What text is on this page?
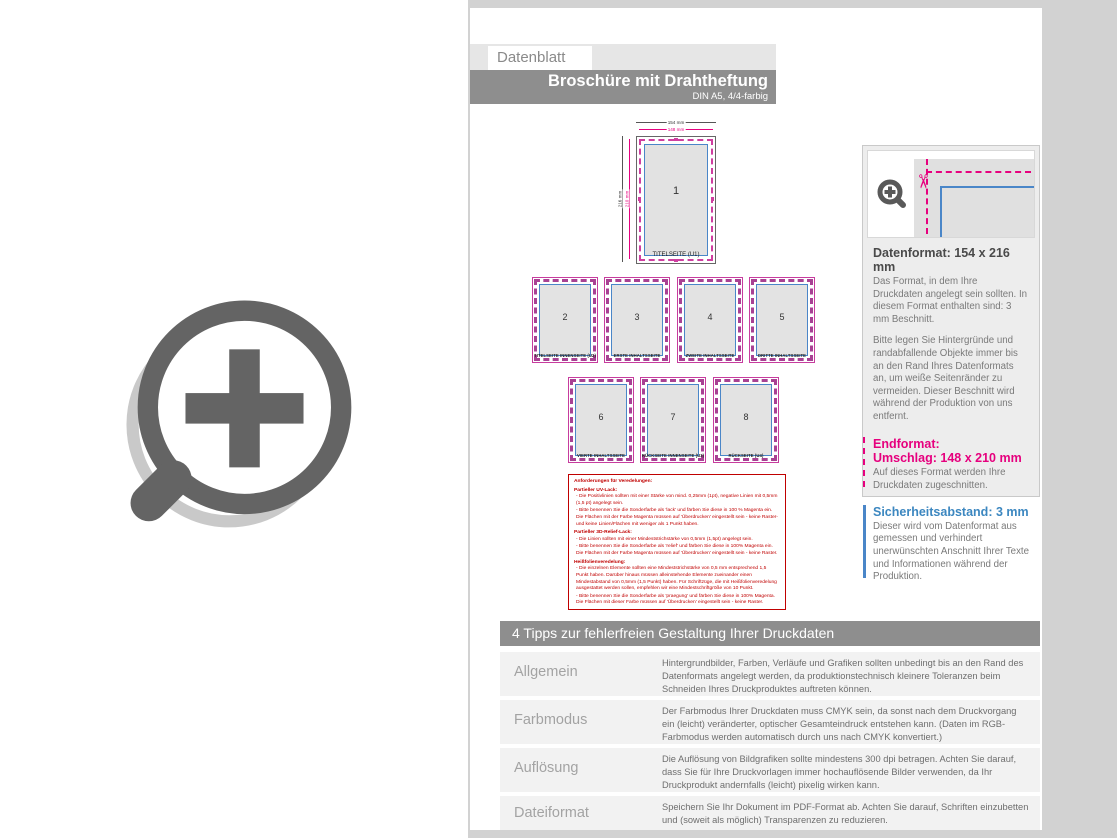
Datenblatt
Broschüre mit Drahtheftung
DIN A5, 4/4-farbig
154 mm
148 mm
216 mm 210 mm	1
TITELSEITE (U1)
2
TITELSEITE INNENSEITE (U2)
3
ERSTE INHALTSSEITE
4
ZWEITE INHALTSSEITE
5
DRITTE INHALTSSEITE
6
VIERTE INHALTSSEITE
7
RÜCKSEITE INNENSEITE (U3)
8
RÜCKSEITE (U4)
Anforderungen für Veredelungen:
Partieller UV-Lack:
- Die Positivlinien sollten mit einer Stärke von mind. 0,25mm (1pt), negative Linien mit 0,5mm (1,5 pt) angelegt sein.
- Bitte benennen Sie die Sonderfarbe als 'lack' und färben Sie diese in 100 % Magenta ein. Die Flächen mit der Farbe Magenta müssen auf 'Überdrucken' eingestellt sein - keine Raster- und keine Linien/Flächen mit weniger als 1 Punkt haben.
Partieller 3D-Relief-Lack:
- Die Linien sollten mit einer Mindeststrichstärke von 0,5mm (1,5pt) angelegt sein.
- Bitte benennen Sie die Sonderfarbe als 'relief' und färben Sie diese in 100% Magenta ein. Die Flächen mit der Farbe Magenta müssen auf 'Überdrucken' eingestellt sein - keine Raster.
Heißfolienveredelung:
- Die einzelnen Elemente sollten eine Mindeststrichstärke von 0,5 mm entsprechend 1,5 Punkt haben. Darüber hinaus müssen alleinstehende Elemente zueinander einen Mindestabstand von 0,5mm (1,5 Punkt) haben. Für Schriftzüge, die mit Heißfolienveredelung ausgestattet werden sollen, empfehlen wir eine Mindestschriftgröße von 10 Punkt.
- Bitte benennen Sie die Sonderfarbe als 'praegung' und färben Sie diese in 100% Magenta. Die Flächen mit dieser Farbe müssen auf 'Überdrucken' eingestellt sein - keine Raster.
✂
Datenformat: 154 x 216 mm

Das Format, in dem Ihre Druckdaten angelegt sein sollten. In diesem Format enthalten sind: 3 mm Beschnitt.

Bitte legen Sie Hintergründe und randabfallende Objekte immer bis an den Rand Ihres Datenformats an, um weiße Seitenränder zu vermeiden. Dieser Beschnitt wird während der Produktion von uns entfernt.

Endformat:
Umschlag: 148 x 210 mm

Auf dieses Format werden Ihre Druckdaten zugeschnitten.

Sicherheitsabstand: 3 mm

Dieser wird vom Datenformat aus gemessen und verhindert unerwünschten Anschnitt Ihrer Texte und Informationen während der Produktion.

4 Tipps zur fehlerfreien Gestaltung Ihrer Druckdaten
Allgemein
Hintergrundbilder, Farben, Verläufe und Grafiken sollten unbedingt bis an den Rand des Datenformats angelegt werden, da produktionstechnisch kleinere Toleranzen beim Schneiden Ihres Druckproduktes auftreten können.
Farbmodus
Der Farbmodus Ihrer Druckdaten muss CMYK sein, da sonst nach dem Druckvorgang ein (leicht) veränderter, optischer Gesamteindruck entstehen kann. (Daten im RGB-Farbmodus werden automatisch durch uns nach CMYK konvertiert.)
Auflösung
Die Auflösung von Bildgrafiken sollte mindestens 300 dpi betragen. Achten Sie darauf, dass Sie für Ihre Druckvorlagen immer hochauflösende Bilder verwenden, da Ihr Druckprodukt andernfalls (leicht) pixelig wirken kann.
Dateiformat	Speichern Sie Ihr Dokument im PDF-Format ab. Achten Sie darauf, Schriften einzubetten und (soweit als möglich) Transparenzen zu reduzieren.
